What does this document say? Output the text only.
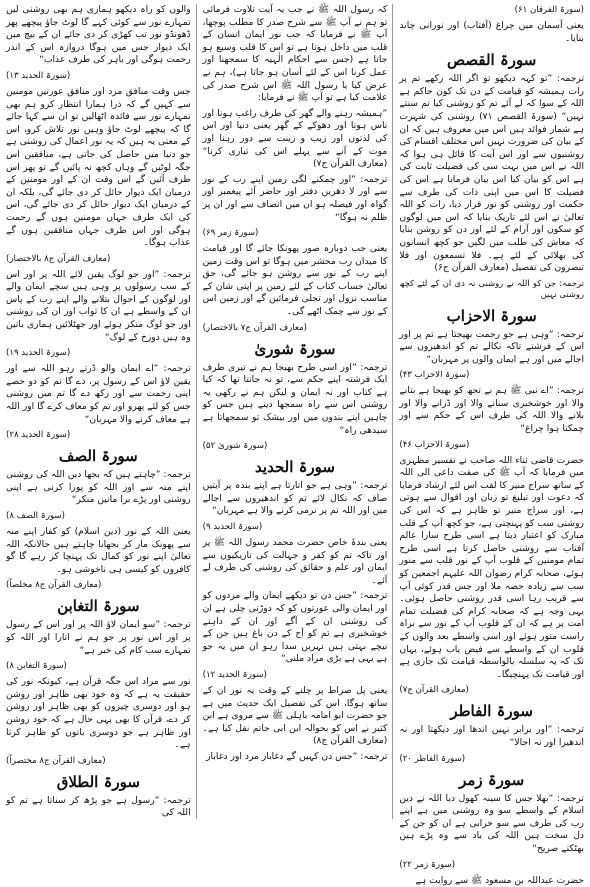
(سورۃ الفرقان ۶۱)
یعنی آسمان میں چراغ (آفتاب) اور نورانی چاند بنایا۔
سورۃ القصص
ترجمہ: ”تو کہہ دیکھو تو اگر اللہ رکھے تم پر رات ہمیشہ کو قیامت کے دن تک کون حاکم ہے اللہ کے سوا کہ لے آئے تم کو روشنی کیا تم سنتے نہیں“ (سورۃ القصص ۷۱) روشنی کی شہرت ہے شمار فوائد ہیں اس میں معروف ہیں کہ ان کے بیان کی ضرورت نہیں اس مختلف اقسام کی روشنیوں سے اور اس آیت کا قائل ہی ہوا کہ اللہ نے اس میں بہت سی کی فضیلت ثابت کی ہے اس کو بیان کیا اس بیان فرمایا ہے اس کی فضیلت کا اس میں اپنی ذات کی طرف سے حکمت اور روشنی کو نور قرار دیا، رات کو اللہ تعالیٰ نے اس لئے تاریک بنایا کہ اس میں لوگوں کو سکون اور آرام کے لئے اور دن کو روشن بنایا کہ معاش کی طلب میں لگیں جو کچھ انسانوں کی بھلائی کے لئے ہے۔ فلا تسمعون اور فلا تبصرون کی تفصیل (معارف القرآن ج۶)
ترجمہ: جن کو اللہ نے روشنی نہ دی ان کے لئے کچھ روشنی نہیں
سورۃ الاحزاب
ترجمہ: ”وہی ہے جو رحمت بھیجتا ہے تم پر اور اس کے فرشتے تاکہ نکالے تم کو اندھیروں سے اجالے میں اور ہے ایمان والوں پر مہربان“
(سورۃ الاحزاب ۴۳)
ترجمہ: ”اے نبی ﷺ ہم نے تجھ کو بھیجا ہے بتانے والا اور خوشخبری سنانے والا اور ڈرانے والا اور بلانے والا اللہ کی طرف اس کے حکم سے اور چمکتا ہوا چراغ“
(سورۃ الاحزاب ۴۶)
حضرت قاضی ثناء اللہ صاحب نے تفسیر مظہری میں فرمایا کہ آپ ﷺ کی صفت داعی الی اللہ کے ساتھ سراج منیر کا لقب اس لئے ارشاد فرمایا کہ دعوت اور تبلیغ تو زبان اور اقوال سے ہوتی ہے، اور سراج منیر تو ظاہر ہے کہ اس کی روشنی سب کو پہنچتی ہے، جو کچھ آپ کے قلب مبارک کو اعتبار دیتا ہے اسی طرح سارا عالم آفتاب سے روشنی حاصل کرتا ہے اسی طرح تمام مومنین کے قلوب آپ کے نور قلب سے منور ہوئے، صحابہ کرام رضوان اللہ علیہم اجمعین کو سب سے زیادہ حصہ ملا اور جس قدر کوئی آپ سے قریب رہا اسی قدر روشنی حاصل ہوئی۔ یہی وجہ ہے کہ صحابہ کرام کی فضیلت تمام امت پر ہے کہ ان کے قلوب آپ کے نور سے براہ راست منور ہوئے اور اسی واسطے بعد والوں کے قلوب ان کے واسطے سے فیض یاب ہوئے، یہاں تک کہ یہ سلسلہ بالواسطہ قیامت تک جاری ہے اور قیامت تک پہنچیگا۔
(معارف القرآن ج۷)
سورۃ الفاطر
ترجمہ: ”اور برابر نہیں اندھا اور دیکھتا اور نہ اندھیرا اور نہ اجالا“
(سورۃ الفاطر ۲۰)
سورۃ زمر
ترجمہ: ”بھلا جس کا سینہ کھول دیا اللہ نے دین اسلام کے واسطے سو وہ روشنی میں ہے اپنے رب کی طرف سے سو خرابی ہے ان کو جن کے دل سخت ہیں اللہ کی یاد سے وہ پڑے ہیں بھٹکتے صریح“
(سورۃ زمر ۲۲)
حضرت عبداللہ بن مسعود ﷺ سے روایت ہے
کہ رسول اللہ ﷺ نے جب یہ آیت تلاوت فرمائی تو ہم نے آپ ﷺ سے شرح صدر کا مطلب پوچھا، آپ ﷺ نے فرمایا کہ جب نور ایمان انسان کے قلب میں داخل ہوتا ہے تو اس کا قلب وسیع ہو جاتا ہے (جس سے احکام الٰہیہ کا سمجھنا اور عمل کرنا اس کے لئے آسان ہو جاتا ہے)، ہم نے عرض کیا یا رسول اللہ ﷺ اس شرح صدر کی علامت کیا ہے تو آپ ﷺ نے فرمایا:
”ہمیشہ رہنے والے گھر کی طرف راغب ہونا اور ناس ہونا اور دھوکے کے گھر یعنی دنیا اور اس کی لذتوں اور زیب و زینت سے دور رہنا اور موت کے آنے سے پہلے اس کی تیاری کرنا“ (معارف القرآن ج۷)
ترجمہ: ”اور چمکنے لگی زمین اپنے رب کے نور سے اور لا دھریں دفتر اور حاضر آئے پیغمبر اور گواہ اور فیصلہ ہو ان میں انصاف سے اور ان پر ظلم نہ ہوگا“
(سورۃ زمر ۶۹)
یعنی جب دوبارہ صور پھونکا جائے گا اور قیامت کا میدان رب محشر میں ہوگا تو اس وقت زمین اپنے رب کے نور سے روشن ہو جائے گی، حق تعالیٰ حساب کتاب کے لئے زمین پر اپنی شان کے مناسب نزول اور تجلی فرمائیں گے اور زمین اس کے نور سے چمک اٹھے گی۔
(معارف القرآن ج۷ بالاختصار)
سورۃ شوریٰ
ترجمہ: ”اور اسی طرح بھیجا ہم نے تیری طرف ایک فرشتہ اپنے حکم سے، تو نہ جانتا تھا کہ کیا ہے کتاب اور نہ ایمان و لیکن ہم نے رکھی یہ روشنی اس سے راہ سمجھا دیتے ہیں جس کو چاہیں اپنے بندوں میں اور بیشک تو سمجھاتا ہے سیدھی راہ“
(سورۃ شوریٰ ۵۲)
سورۃ الحدید
ترجمہ: ”وہی ہے جو اتارتا ہے اپنے بندہ پر آیتیں صاف کہ نکال لائے تم کو اندھیروں سے اجالے میں اور اللہ تم پر نرمی کرنے والا ہے مہربان“
(سورۃ الحدید ۹)
یعنی بندۂ خاص حضرت محمد رسول اللہ ﷺ پر اور تاکہ تم کو کفر و جہالت کی تاریکیوں سے ایمان اور علم و حقائق کی روشنی کی طرف لے آئے۔
ترجمہ: ”جس دن تو دیکھے ایمان والے مردوں کو اور ایمان والی عورتوں کو کہ دوڑتی چلی ہے ان کی روشنی ان کے آگے اور ان کے داہنے خوشخبری ہے تم کو آج کے دن باغ ہیں جن کے نیچے بہتی ہیں نہریں سدا رہو ان میں یہ جو ہے یہی ہے بڑی مراد ملنی“
(سورۃ الحدید ۱۲)
یعنی پل صراط پر چلنے کے وقت یہ نور ان کے ساتھ ہوگا، اس کی تفصیل ایک حدیث میں ہے جو حضرت ابو امامہ باہلی ﷺ سے مروی ہے ابن کثیر نے اس کو بحوالہ ابن ابی حاتم نقل کیا ہے۔ (معارف القرآن ج۸)
ترجمہ: ”جس دن کہیں گے دغاباز مرد اور دغاباز
والوں کو راہ دیکھو ہماری ہم بھی روشنی لیں تمہارے نور سے کوئی کہے گا لوٹ جاؤ پیچھے پھر ڈھونڈو نور تب کھڑی کر دی جائے ان کے بیچ میں ایک دیوار جس میں ہوگا دروازہ اس کے اندر رحمت ہوگی اور باہر کی طرف عذاب“
(سورۃ الحدید ۱۳)
جس وقت منافق مرد اور منافق عورتیں مومنین سے کہیں گے کہ ذرا ہمارا انتظار کرو ہم بھی تمہارے نور سے فائدہ اٹھالیں تو ان سے کہا جائے گا کہ پیچھے لوٹ جاؤ وہیں نور تلاش کرو، اس کے معنی یہ ہیں کہ یہ نور اعمال کی روشنی ہے جو دنیا میں حاصل کی جاتی ہے، منافقین اس جگہ لوٹیں گے وہاں کچھ نہ پائیں گے تو پھر اس طرف آئیں گے اس وقت ان کے اور مومنین کے درمیان ایک دیوار حائل کر دی جائے گی، بلکہ ان کے درمیان ایک دیوار حائل کر دی جائے گی، اس کی ایک طرف جہاں مومنین ہوں گے رحمت ہوگی اور اس طرف جہاں منافقین ہوں گے عذاب ہوگا۔
(معارف القرآن ج۸ بالاختصار)
ترجمہ: ”اور جو لوگ یقین لائے اللہ پر اور اس کے سب رسولوں پر وہی ہیں سچے ایمان والے اور لوگوں کے احوال بتلانے والے اپنے رب کے پاس ان کے واسطے ہے ان کا ثواب اور ان کی روشنی اور جو لوگ منکر ہوئے اور جھٹلائیں ہماری باتیں وہ ہیں دوزخ کے لوگ“
(سورۃ الحدید ۱۹)
ترجمہ: ”اے ایمان والو ڈرتے رہو اللہ سے اور یقین لاؤ اس کے رسول پر، دے گا تم کو دو حصے اپنی رحمت سے اور رکھ دے گا تم میں روشنی جس کو لئے پھرو اور تم کو معاف کرے گا اور اللہ ہے معاف کرنے والا مہربان“
(سورۃ الحدید ۲۸)
سورۃ الصف
ترجمہ: ”چاہتے ہیں کہ بجھا دیں اللہ کی روشنی اپنے منہ سے اور اللہ کو پورا کرنی ہے اپنی روشنی اور پڑے برا مانیں منکر“
(سورۃ الصف ۸)
یعنی اللہ کے نور (دین اسلام) کو کفار اپنے منہ سے پھونک مار کر بجھانا چاہتے ہیں حالانکہ اللہ تعالیٰ اپنے نور کو کمال تک پہنچا کر رہے گا گو کافروں کو کیسی ہی ناخوشی ہو۔
(معارف القرآن ج۸ مخلصاً)
سورۃ التغابن
ترجمہ: ”سو ایمان لاؤ اللہ پر اور اس کے رسول پر اور اس نور پر جو ہم نے اتارا اور اللہ کو تمہارے سب کام کی خبر ہے“
(سورۃ التغابن ۸)
نور سے مراد اس جگہ قرآن ہے، کیونکہ نور کی حقیقت یہ ہے کہ وہ خود بھی ظاہر اور روشن ہو اور دوسری چیزوں کو بھی ظاہر اور روشن کر دے، قرآن کا بھی یہی حال ہے کہ خود روشن اور ظاہر ہے جو دوسری باتوں کو ظاہر کرتا ہے۔
(معارف القرآن ج۸ مختصراً)
سورۃ الطلاق
ترجمہ: ”رسول ہے جو پڑھ کر سناتا ہے تم کو اللہ کی
